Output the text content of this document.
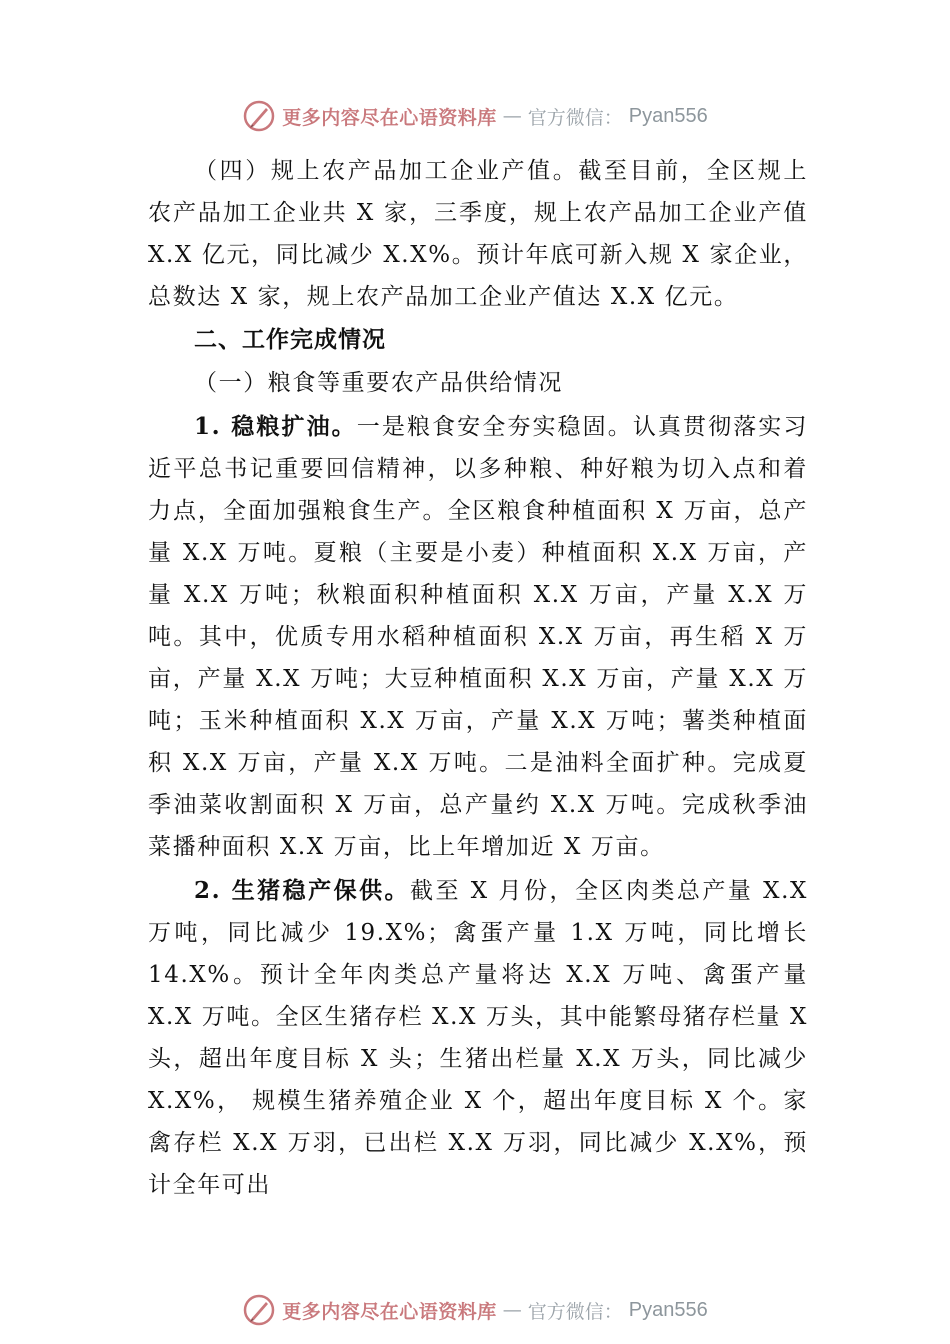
更多内容尽在心语资料库 — 官方微信： Pyan556

（四）规上农产品加工企业产值。截至目前，全区规上农产品加工企业共 X 家，三季度，规上农产品加工企业产值 X.X 亿元，同比减少 X.X%。预计年底可新入规 X 家企业，总数达 X 家，规上农产品加工企业产值达 X.X 亿元。

二、工作完成情况
（一）粮食等重要农产品供给情况

1. 稳粮扩油。一是粮食安全夯实稳固。认真贯彻落实习近平总书记重要回信精神，以多种粮、种好粮为切入点和着力点，全面加强粮食生产。全区粮食种植面积 X 万亩，总产量 X.X 万吨。夏粮（主要是小麦）种植面积 X.X 万亩，产量 X.X 万吨；秋粮面积种植面积 X.X 万亩，产量 X.X 万吨。其中，优质专用水稻种植面积 X.X 万亩，再生稻 X 万亩，产量 X.X 万吨；大豆种植面积 X.X 万亩，产量 X.X 万吨；玉米种植面积 X.X 万亩，产量 X.X 万吨；薯类种植面积 X.X 万亩，产量 X.X 万吨。二是油料全面扩种。完成夏季油菜收割面积 X 万亩，总产量约 X.X 万吨。完成秋季油菜播种面积 X.X 万亩，比上年增加近 X 万亩。

2. 生猪稳产保供。截至 X 月份，全区肉类总产量 X.X 万吨，同比减少 19.X%；禽蛋产量 1.X 万吨，同比增长 14.X%。预计全年肉类总产量将达 X.X 万吨、禽蛋产量 X.X 万吨。全区生猪存栏 X.X 万头，其中能繁母猪存栏量 X 头，超出年度目标 X 头；生猪出栏量 X.X 万头，同比减少 X.X%， 规模生猪养殖企业 X 个，超出年度目标 X 个。家禽存栏 X.X 万羽，已出栏 X.X 万羽，同比减少 X.X%，预计全年可出

更多内容尽在心语资料库 — 官方微信： Pyan556
